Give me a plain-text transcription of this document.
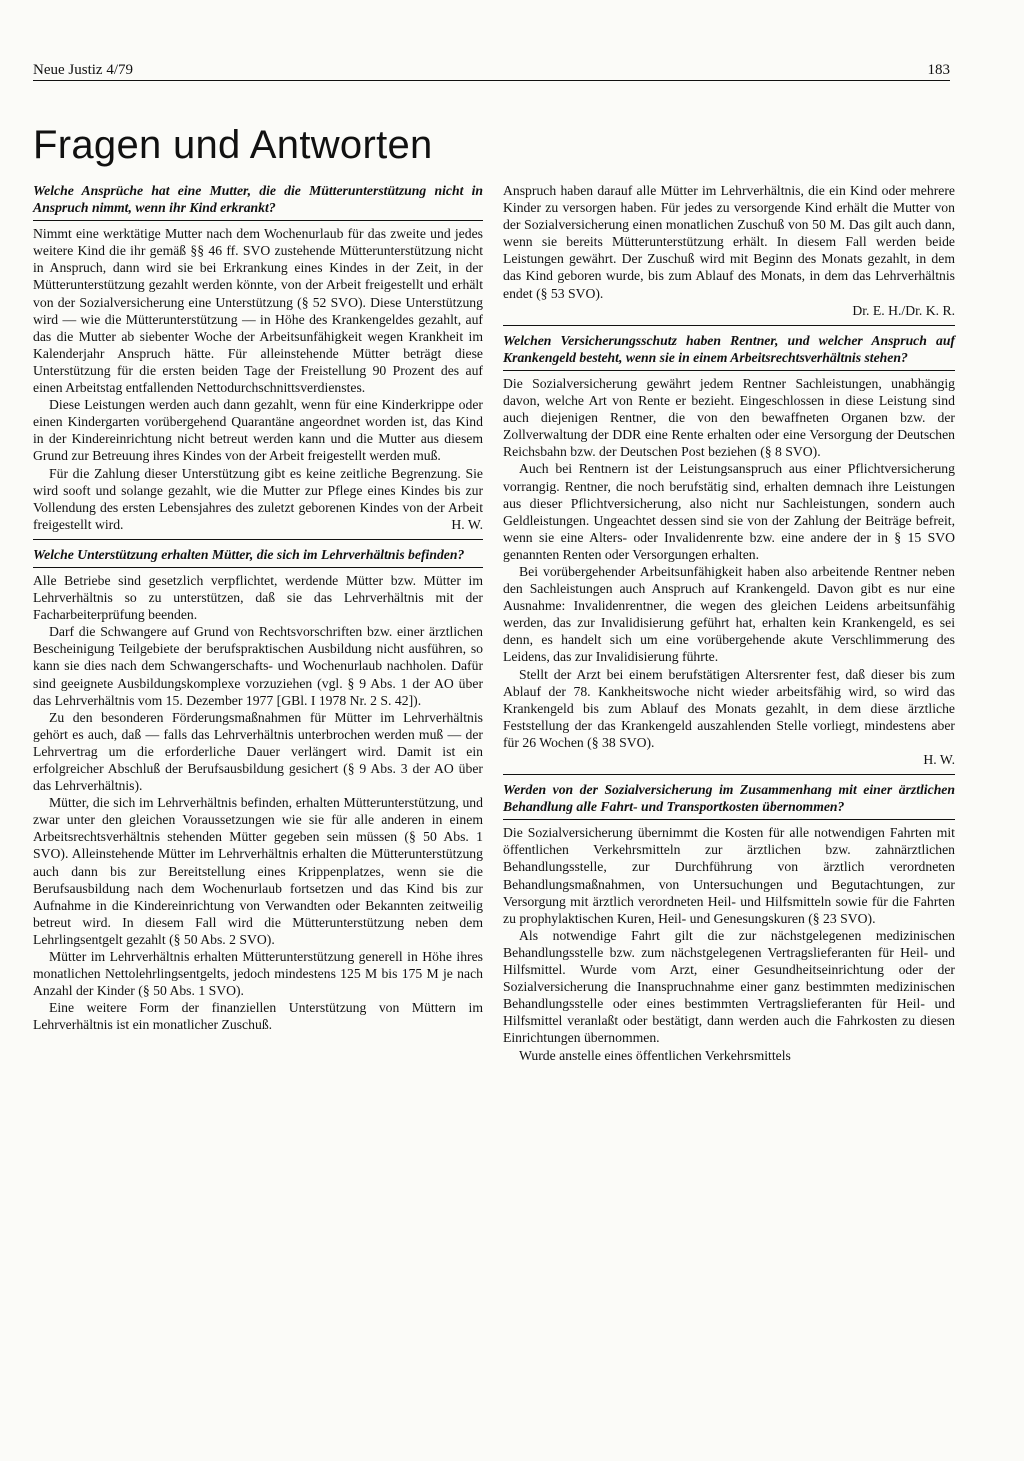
Neue Justiz 4/79	183
Fragen und Antworten

Welche Ansprüche hat eine Mutter, die die Mütterunterstützung nicht in Anspruch nimmt, wenn ihr Kind erkrankt?

Nimmt eine werktätige Mutter nach dem Wochenurlaub für das zweite und jedes weitere Kind die ihr gemäß §§ 46 ff. SVO zustehende Mütterunterstützung nicht in Anspruch, dann wird sie bei Erkrankung eines Kindes in der Zeit, in der Mütterunterstützung gezahlt werden könnte, von der Arbeit freigestellt und erhält von der Sozialversicherung eine Unterstützung (§ 52 SVO). Diese Unterstützung wird — wie die Mütterunterstützung — in Höhe des Krankengeldes gezahlt, auf das die Mutter ab siebenter Woche der Arbeitsunfähigkeit wegen Krankheit im Kalenderjahr Anspruch hätte. Für alleinstehende Mütter beträgt diese Unterstützung für die ersten beiden Tage der Freistellung 90 Prozent des auf einen Arbeitstag entfallenden Nettodurchschnittsverdienstes.

Diese Leistungen werden auch dann gezahlt, wenn für eine Kinderkrippe oder einen Kindergarten vorübergehend Quarantäne angeordnet worden ist, das Kind in der Kindereinrichtung nicht betreut werden kann und die Mutter aus diesem Grund zur Betreuung ihres Kindes von der Arbeit freigestellt werden muß.

Für die Zahlung dieser Unterstützung gibt es keine zeitliche Begrenzung. Sie wird sooft und solange gezahlt, wie die Mutter zur Pflege eines Kindes bis zur Vollendung des ersten Lebensjahres des zuletzt geborenen Kindes von der Arbeit freigestellt wird.	H. W.

Welche Unterstützung erhalten Mütter, die sich im Lehrverhältnis befinden?

Alle Betriebe sind gesetzlich verpflichtet, werdende Mütter bzw. Mütter im Lehrverhältnis so zu unterstützen, daß sie das Lehrverhältnis mit der Facharbeiterprüfung beenden.

Darf die Schwangere auf Grund von Rechtsvorschriften bzw. einer ärztlichen Bescheinigung Teilgebiete der berufspraktischen Ausbildung nicht ausführen, so kann sie dies nach dem Schwangerschafts- und Wochenurlaub nachholen. Dafür sind geeignete Ausbildungskomplexe vorzuziehen (vgl. § 9 Abs. 1 der AO über das Lehrverhältnis vom 15. Dezember 1977 [GBl. I 1978 Nr. 2 S. 42]).

Zu den besonderen Förderungsmaßnahmen für Mütter im Lehrverhältnis gehört es auch, daß — falls das Lehrverhältnis unterbrochen werden muß — der Lehrvertrag um die erforderliche Dauer verlängert wird. Damit ist ein erfolgreicher Abschluß der Berufsausbildung gesichert (§ 9 Abs. 3 der AO über das Lehrverhältnis).

Mütter, die sich im Lehrverhältnis befinden, erhalten Mütterunterstützung, und zwar unter den gleichen Voraussetzungen wie sie für alle anderen in einem Arbeitsrechtsverhältnis stehenden Mütter gegeben sein müssen (§ 50 Abs. 1 SVO). Alleinstehende Mütter im Lehrverhältnis erhalten die Mütterunterstützung auch dann bis zur Bereitstellung eines Krippenplatzes, wenn sie die Berufsausbildung nach dem Wochenurlaub fortsetzen und das Kind bis zur Aufnahme in die Kindereinrichtung von Verwandten oder Bekannten zeitweilig betreut wird. In diesem Fall wird die Mütterunterstützung neben dem Lehrlingsentgelt gezahlt (§ 50 Abs. 2 SVO).

Mütter im Lehrverhältnis erhalten Mütterunterstützung generell in Höhe ihres monatlichen Nettolehrlingsentgelts, jedoch mindestens 125 M bis 175 M je nach Anzahl der Kinder (§ 50 Abs. 1 SVO).

Eine weitere Form der finanziellen Unterstützung von Müttern im Lehrverhältnis ist ein monatlicher Zuschuß.

Anspruch haben darauf alle Mütter im Lehrverhältnis, die ein Kind oder mehrere Kinder zu versorgen haben. Für jedes zu versorgende Kind erhält die Mutter von der Sozialversicherung einen monatlichen Zuschuß von 50 M. Das gilt auch dann, wenn sie bereits Mütterunterstützung erhält. In diesem Fall werden beide Leistungen gewährt. Der Zuschuß wird mit Beginn des Monats gezahlt, in dem das Kind geboren wurde, bis zum Ablauf des Monats, in dem das Lehrverhältnis endet (§ 53 SVO).

Dr. E. H./Dr. K. R.

Welchen Versicherungsschutz haben Rentner, und welcher Anspruch auf Krankengeld besteht, wenn sie in einem Arbeitsrechtsverhältnis stehen?

Die Sozialversicherung gewährt jedem Rentner Sachleistungen, unabhängig davon, welche Art von Rente er bezieht. Eingeschlossen in diese Leistung sind auch diejenigen Rentner, die von den bewaffneten Organen bzw. der Zollverwaltung der DDR eine Rente erhalten oder eine Versorgung der Deutschen Reichsbahn bzw. der Deutschen Post beziehen (§ 8 SVO).

Auch bei Rentnern ist der Leistungsanspruch aus einer Pflichtversicherung vorrangig. Rentner, die noch berufstätig sind, erhalten demnach ihre Leistungen aus dieser Pflichtversicherung, also nicht nur Sachleistungen, sondern auch Geldleistungen. Ungeachtet dessen sind sie von der Zahlung der Beiträge befreit, wenn sie eine Alters- oder Invalidenrente bzw. eine andere der in § 15 SVO genannten Renten oder Versorgungen erhalten.

Bei vorübergehender Arbeitsunfähigkeit haben also arbeitende Rentner neben den Sachleistungen auch Anspruch auf Krankengeld. Davon gibt es nur eine Ausnahme: Invalidenrentner, die wegen des gleichen Leidens arbeitsunfähig werden, das zur Invalidisierung geführt hat, erhalten kein Krankengeld, es sei denn, es handelt sich um eine vorübergehende akute Verschlimmerung des Leidens, das zur Invalidisierung führte.

Stellt der Arzt bei einem berufstätigen Altersrenter fest, daß dieser bis zum Ablauf der 78. Kankheitswoche nicht wieder arbeitsfähig wird, so wird das Krankengeld bis zum Ablauf des Monats gezahlt, in dem diese ärztliche Feststellung der das Krankengeld auszahlenden Stelle vorliegt, mindestens aber für 26 Wochen (§ 38 SVO).

H. W.

Werden von der Sozialversicherung im Zusammenhang mit einer ärztlichen Behandlung alle Fahrt- und Transportkosten übernommen?

Die Sozialversicherung übernimmt die Kosten für alle notwendigen Fahrten mit öffentlichen Verkehrsmitteln zur ärztlichen bzw. zahnärztlichen Behandlungsstelle, zur Durchführung von ärztlich verordneten Behandlungsmaßnahmen, von Untersuchungen und Begutachtungen, zur Versorgung mit ärztlich verordneten Heil- und Hilfsmitteln sowie für die Fahrten zu prophylaktischen Kuren, Heil- und Genesungskuren (§ 23 SVO).

Als notwendige Fahrt gilt die zur nächstgelegenen medizinischen Behandlungsstelle bzw. zum nächstgelegenen Vertragslieferanten für Heil- und Hilfsmittel. Wurde vom Arzt, einer Gesundheitseinrichtung oder der Sozialversicherung die Inanspruchnahme einer ganz bestimmten medizinischen Behandlungsstelle oder eines bestimmten Vertragslieferanten für Heil- und Hilfsmittel veranlaßt oder bestätigt, dann werden auch die Fahrkosten zu diesen Einrichtungen übernommen.

Wurde anstelle eines öffentlichen Verkehrsmittels
